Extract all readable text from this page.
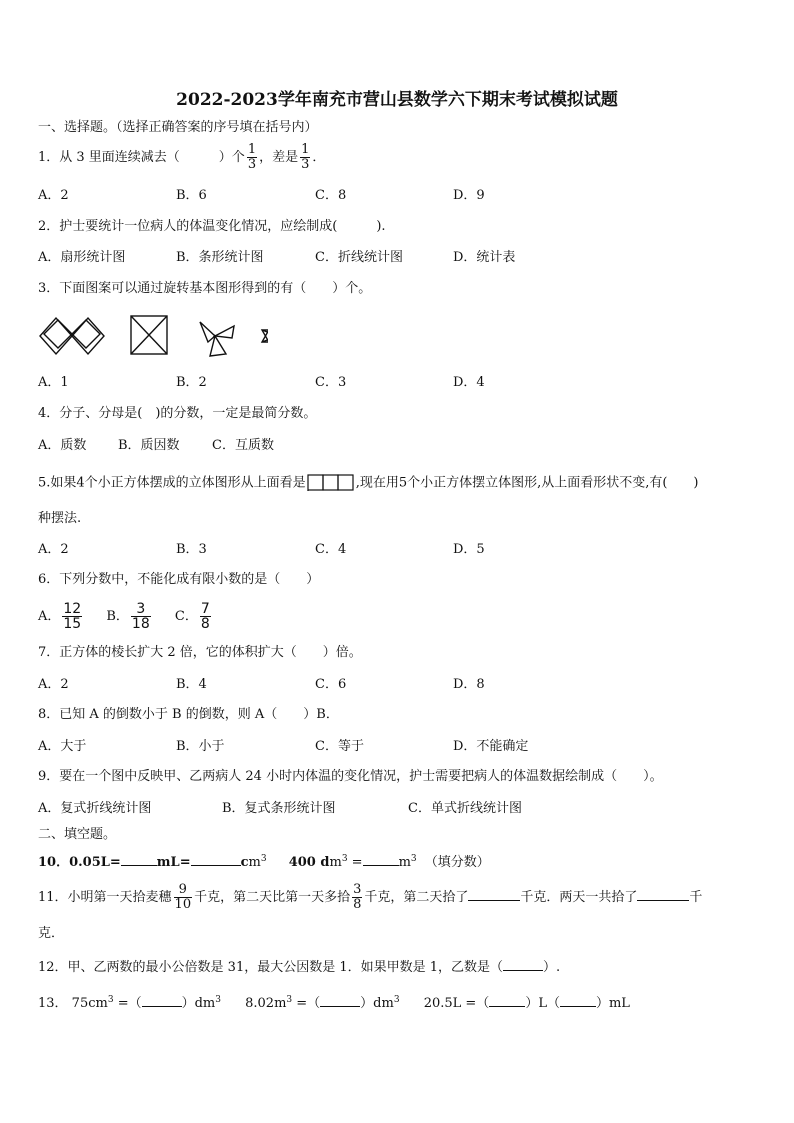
2022-2023学年南充市营山县数学六下期末考试模拟试题
一、选择题。（选择正确答案的序号填在括号内）
1．从 3 里面连续减去（　　　）个 $\frac{1}{3}$ ，差是 $\frac{1}{3}$ ．
A．2	B．6	C．8	D．9
2．护士要统计一位病人的体温变化情况，应绘制成(　　　).
A．扇形统计图	B．条形统计图	C．折线统计图	D．统计表
3．下面图案可以通过旋转基本图形得到的有（　　）个。
A．1	B．2	C．3	D．4
4．分子、分母是(　)的分数，一定是最简分数。
A．质数 B．质因数 C．互质数
5.如果4个小正方体摆成的立体图形从上面看是	,现在用5个小正方体摆立体图形,从上面看形状不变,有(　　)
种摆法.
A．2	B．3	C．4	D．5
6．下列分数中，不能化成有限小数的是（　　）
A． $\frac{12}{15}$ B． $\frac{3}{18}$ C． $\frac{7}{8}$
7．正方体的棱长扩大 2 倍，它的体积扩大（　　）倍。
A．2	B．4	C．6	D．8
8．已知 A 的倒数小于 B 的倒数，则 A（　　）B．
A．大于	B．小于	C．等于	D．不能确定
9．要在一个图中反映甲、乙两病人 24 小时内体温的变化情况，护士需要把病人的体温数据绘制成（　　）。
A．复式折线统计图	B．复式条形统计图	C．单式折线统计图
二、填空题。
10．0.05L=	mL=	$cm^3$ 400 $dm^3$ =	$m^3$ （填分数）
11．小明第一天拾麦穗 $\frac{9}{10}$ 千克，第二天比第一天多拾 $\frac{3}{8}$ 千克，第二天拾了	千克．两天一共拾了	千
克．
12．甲、乙两数的最小公倍数是 31，最大公因数是 1．如果甲数是 1，乙数是（	）.
13． $75cm^3$ =（	）$dm^3$ $8.02m^3$ =（	）$dm^3$ 20.5L =（	）L（	）mL
